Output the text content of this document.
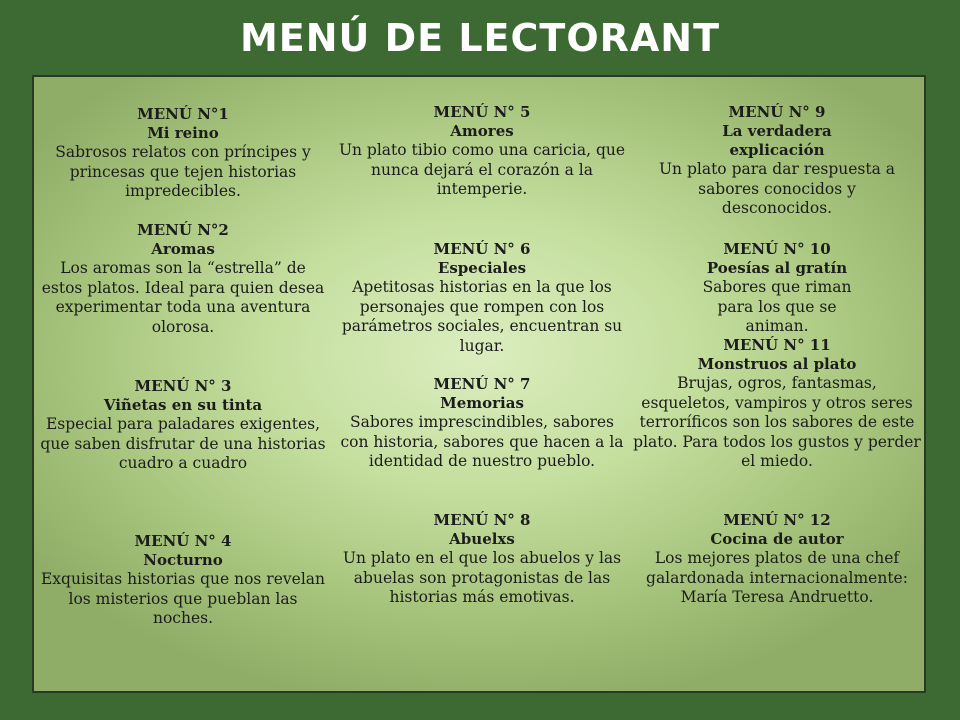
MENÚ DE LECTORANT
MENÚ N°1
Mi reino
Sabrosos relatos con príncipes y princesas que tejen historias impredecibles.
MENÚ N°2
Aromas
Los aromas son la “estrella” de estos platos. Ideal para quien desea experimentar toda una aventura olorosa.
MENÚ N° 3
Viñetas en su tinta
Especial para paladares exigentes, que saben disfrutar de una historias cuadro a cuadro
MENÚ N° 4
Nocturno
Exquisitas historias que nos revelan los misterios que pueblan las noches.
MENÚ N° 5
Amores
Un plato tibio como una caricia, que nunca dejará el corazón a la intemperie.
MENÚ N° 6
Especiales
Apetitosas historias en la que los personajes que rompen con los parámetros sociales, encuentran su lugar.
MENÚ N° 7
Memorias
Sabores imprescindibles, sabores con historia, sabores que hacen a la identidad de nuestro pueblo.
MENÚ N° 8
Abuelxs
Un plato en el que los abuelos y las abuelas son protagonistas de las historias más emotivas.
MENÚ N° 9
La verdadera explicación
Un plato para dar respuesta a sabores conocidos y desconocidos.
MENÚ N° 10
Poesías al gratín
Sabores que riman para los que se animan.
MENÚ N° 11
Monstruos al plato
Brujas, ogros, fantasmas, esqueletos, vampiros y otros seres terroríficos son los sabores de este plato. Para todos los gustos y perder el miedo.
MENÚ N° 12
Cocina de autor
Los mejores platos de una chef galardonada internacionalmente: María Teresa Andruetto.
